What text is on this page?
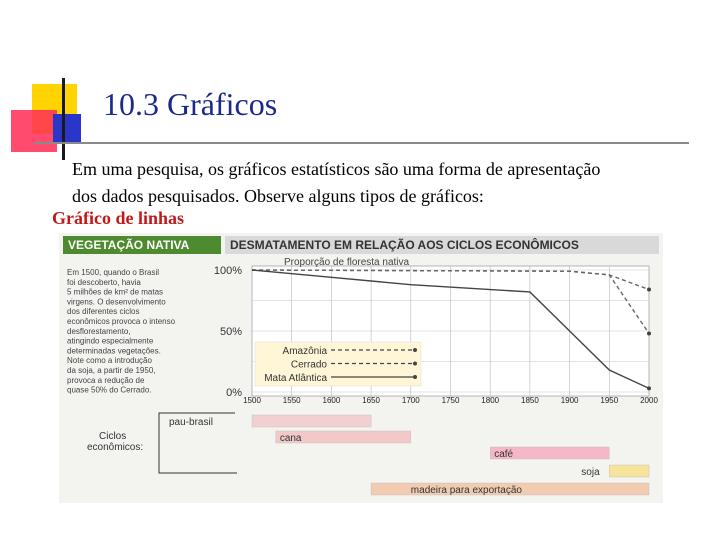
10.3 Gráficos
Em uma pesquisa, os gráficos estatísticos são uma forma de apresentação
dos dados pesquisados. Observe alguns tipos de gráficos:
Gráfico de linhas
VEGETAÇÃO NATIVA	DESMATAMENTO EM RELAÇÃO AOS CICLOS ECONÔMICOS
Proporção de floresta nativa
100%
50%
0%
Em 1500, quando o Brasil
foi descoberto, havia
5 milhões de km² de matas
virgens. O desenvolvimento
dos diferentes ciclos
econômicos provoca o intenso
desflorestamento,
atingindo especialmente
determinadas vegetações.
Note como a introdução
da soja, a partir de 1950,
provoca a redução de
quase 50% do Cerrado.
1500	1550	1600	1650	1700	1750	1800	1850	1900	1950	2000
Amazônia
Cerrado
Mata Atlântica
Ciclos
econômicos:
pau-brasil
cana
café
soja
madeira para exportação
